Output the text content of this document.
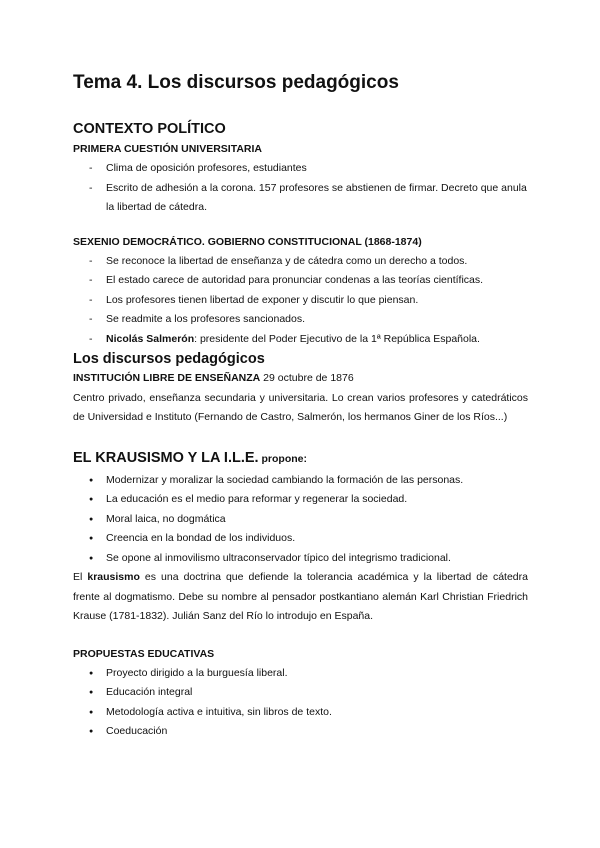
Tema 4. Los discursos pedagógicos
CONTEXTO POLÍTICO
PRIMERA CUESTIÓN UNIVERSITARIA
- Clima de oposición profesores, estudiantes
- Escrito de adhesión a la corona. 157 profesores se abstienen de firmar. Decreto que anula la libertad de cátedra.
SEXENIO DEMOCRÁTICO. GOBIERNO CONSTITUCIONAL (1868-1874)
- Se reconoce la libertad de enseñanza y de cátedra como un derecho a todos.
- El estado carece de autoridad para pronunciar condenas a las teorías científicas.
- Los profesores tienen libertad de exponer y discutir lo que piensan.
- Se readmite a los profesores sancionados.
- Nicolás Salmerón: presidente del Poder Ejecutivo de la 1ª República Española.
Los discursos pedagógicos

INSTITUCIÓN LIBRE DE ENSEÑANZA 29 octubre de 1876

Centro privado, enseñanza secundaria y universitaria. Lo crean varios profesores y catedráticos de Universidad e Instituto (Fernando de Castro, Salmerón, los hermanos Giner de los Ríos...)

EL KRAUSISMO Y LA I.L.E. propone:
● Modernizar y moralizar la sociedad cambiando la formación de las personas.
● La educación es el medio para reformar y regenerar la sociedad.
● Moral laica, no dogmática
● Creencia en la bondad de los individuos.
● Se opone al inmovilismo ultraconservador típico del integrismo tradicional.

El krausismo es una doctrina que defiende la tolerancia académica y la libertad de cátedra frente al dogmatismo. Debe su nombre al pensador postkantiano alemán Karl Christian Friedrich Krause (1781-1832). Julián Sanz del Río lo introdujo en España.

PROPUESTAS EDUCATIVAS
● Proyecto dirigido a la burguesía liberal.
● Educación integral
● Metodología activa e intuitiva, sin libros de texto.
● Coeducación
